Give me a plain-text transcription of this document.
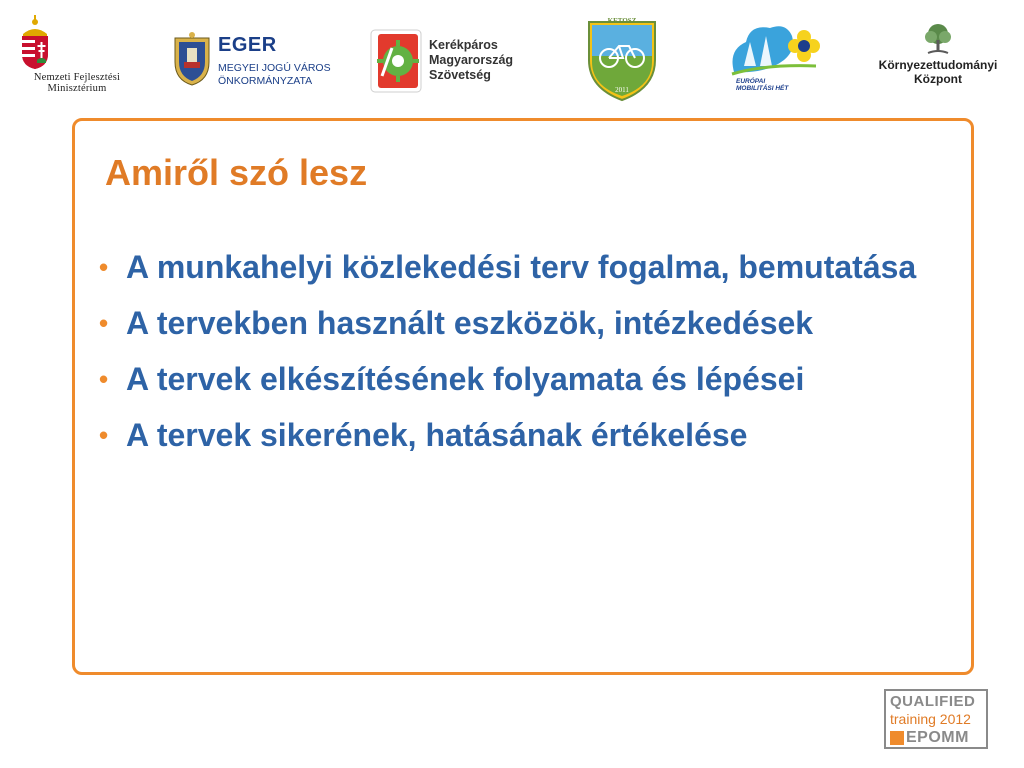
Nemzeti Fejlesztési
Minisztérium
EGER
MEGYEI JOGÚ VÁROS
ÖNKORMÁNYZATA
Kerékpáros
Magyarország
Szövetség
KETOSZ
2011
EURÓPAI
MOBILITÁSI HÉT
Környezettudományi
Központ
Amiről szó lesz
• A munkahelyi közlekedési terv fogalma, bemutatása
• A tervekben használt eszközök, intézkedések
• A tervek elkészítésének folyamata és lépései
• A tervek sikerének, hatásának értékelése
QUALIFIED
training 2012
EPOMM
